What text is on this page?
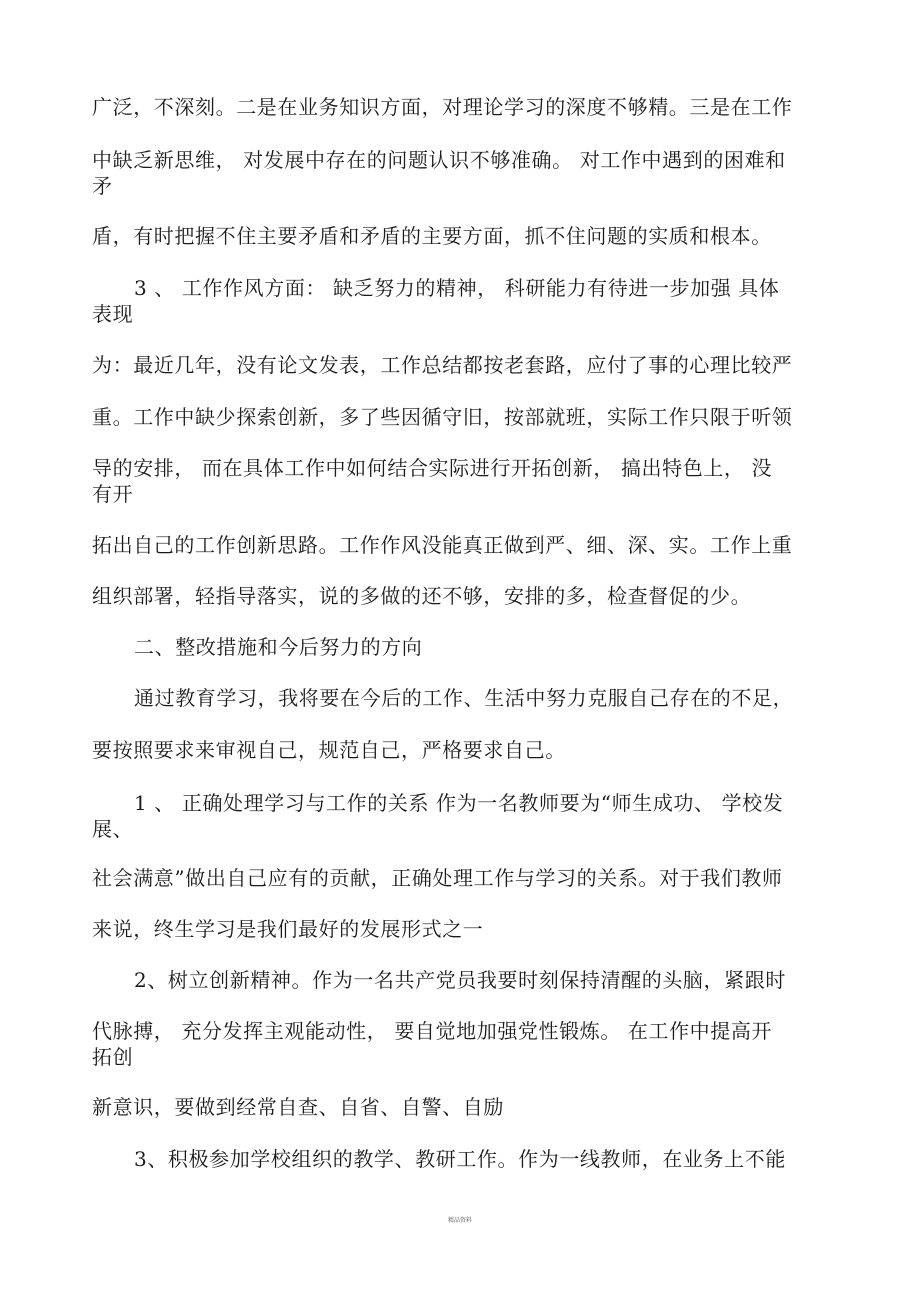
广泛，不深刻。二是在业务知识方面，对理论学习的深度不够精。三是在工作
中缺乏新思维， 对发展中存在的问题认识不够准确。 对工作中遇到的困难和
矛
盾，有时把握不住主要矛盾和矛盾的主要方面，抓不住问题的实质和根本。
3 、 工作作风方面： 缺乏努力的精神， 科研能力有待进一步加强 具体
表现
为：最近几年，没有论文发表，工作总结都按老套路，应付了事的心理比较严
重。工作中缺少探索创新，多了些因循守旧，按部就班，实际工作只限于听领
导的安排， 而在具体工作中如何结合实际进行开拓创新， 搞出特色上， 没
有开
拓出自己的工作创新思路。工作作风没能真正做到严、细、深、实。工作上重
组织部署，轻指导落实，说的多做的还不够，安排的多，检查督促的少。
二、整改措施和今后努力的方向
通过教育学习，我将要在今后的工作、生活中努力克服自己存在的不足，
要按照要求来审视自己，规范自己，严格要求自己。
1 、 正确处理学习与工作的关系 作为一名教师要为“师生成功、 学校发
展、
社会满意”做出自己应有的贡献，正确处理工作与学习的关系。对于我们教师
来说，终生学习是我们最好的发展形式之一
2、树立创新精神。作为一名共产党员我要时刻保持清醒的头脑，紧跟时
代脉搏， 充分发挥主观能动性， 要自觉地加强党性锻炼。 在工作中提高开
拓创
新意识，要做到经常自查、自省、自警、自励
3、积极参加学校组织的教学、教研工作。作为一线教师，在业务上不能
精品资料
